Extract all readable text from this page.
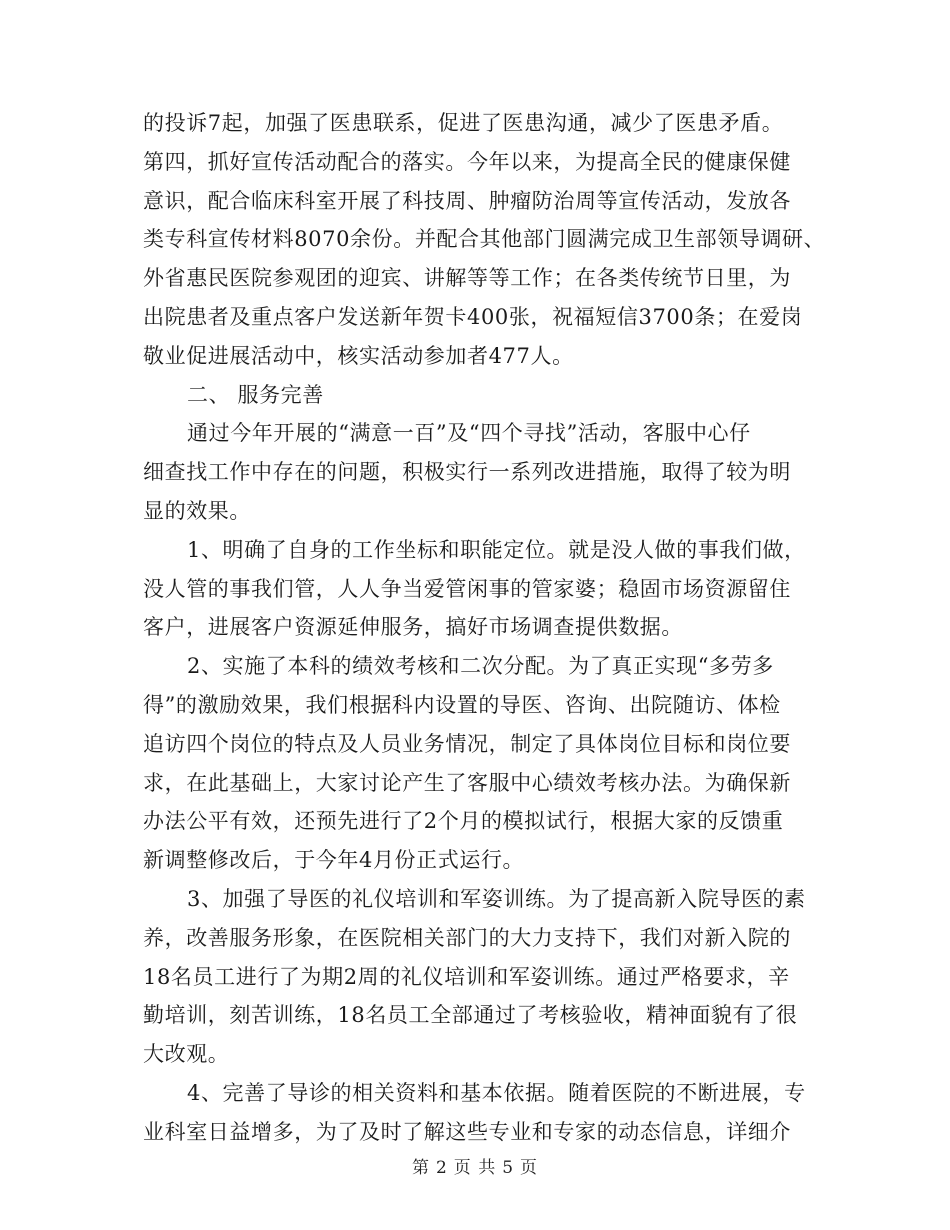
的投诉7起，加强了医患联系，促进了医患沟通，减少了医患矛盾。
第四，抓好宣传活动配合的落实。今年以来，为提高全民的健康保健
意识，配合临床科室开展了科技周、肿瘤防治周等宣传活动，发放各
类专科宣传材料8070余份。并配合其他部门圆满完成卫生部领导调研、
外省惠民医院参观团的迎宾、讲解等等工作；在各类传统节日里，为
出院患者及重点客户发送新年贺卡400张，祝福短信3700条；在爱岗
敬业促进展活动中，核实活动参加者477人。
二、 服务完善
通过今年开展的“满意一百”及“四个寻找”活动，客服中心仔
细查找工作中存在的问题，积极实行一系列改进措施，取得了较为明
显的效果。
1、明确了自身的工作坐标和职能定位。就是没人做的事我们做，
没人管的事我们管，人人争当爱管闲事的管家婆；稳固市场资源留住
客户，进展客户资源延伸服务，搞好市场调查提供数据。
2、实施了本科的绩效考核和二次分配。为了真正实现“多劳多
得”的激励效果，我们根据科内设置的导医、咨询、出院随访、体检
追访四个岗位的特点及人员业务情况，制定了具体岗位目标和岗位要
求，在此基础上，大家讨论产生了客服中心绩效考核办法。为确保新
办法公平有效，还预先进行了2个月的模拟试行，根据大家的反馈重
新调整修改后，于今年4月份正式运行。
3、加强了导医的礼仪培训和军姿训练。为了提高新入院导医的素
养，改善服务形象，在医院相关部门的大力支持下，我们对新入院的
18名员工进行了为期2周的礼仪培训和军姿训练。通过严格要求，辛
勤培训，刻苦训练，18名员工全部通过了考核验收，精神面貌有了很
大改观。
4、完善了导诊的相关资料和基本依据。随着医院的不断进展，专
业科室日益增多，为了及时了解这些专业和专家的动态信息，详细介
第 2 页 共 5 页
